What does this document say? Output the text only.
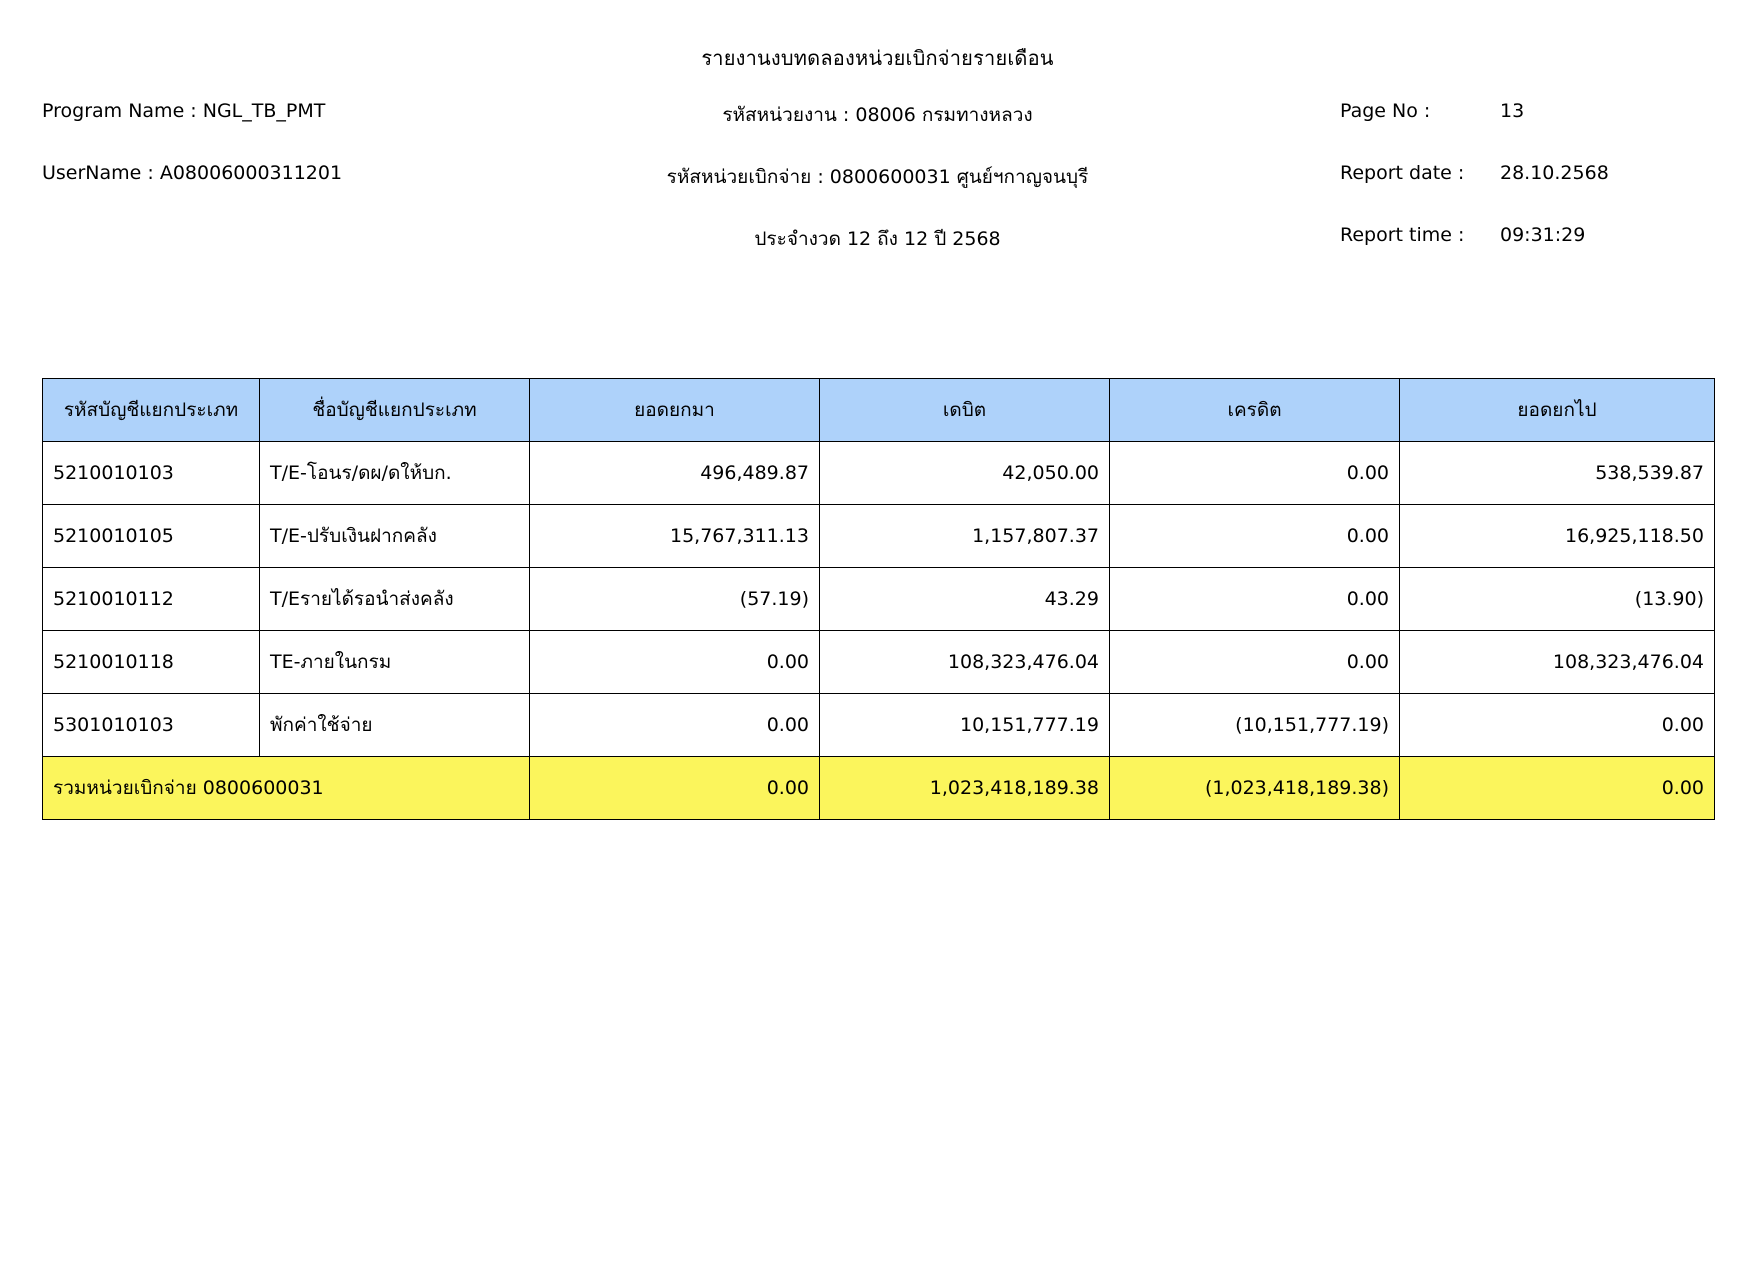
รายงานงบทดลองหน่วยเบิกจ่ายรายเดือน
Program Name : NGL_TB_PMT
UserName : A08006000311201
รหัสหน่วยงาน : 08006 กรมทางหลวง
รหัสหน่วยเบิกจ่าย : 0800600031 ศูนย์ฯกาญจนบุรี
ประจำงวด 12 ถึง 12 ปี 2568
Page No :	13
Report date : 28.10.2568
Report time : 09:31:29
รหัสบัญชีแยกประเภท	ชื่อบัญชีแยกประเภท	ยอดยกมา	เดบิต	เครดิต	ยอดยกไป
5210010103	T/E-โอนร/ดผ/ดให้บก.	496,489.87	42,050.00	0.00	538,539.87
5210010105	T/E-ปรับเงินฝากคลัง	15,767,311.13	1,157,807.37	0.00	16,925,118.50
5210010112	T/Eรายได้รอนำส่งคลัง	(57.19)	43.29	0.00	(13.90)
5210010118	TE-ภายในกรม	0.00	108,323,476.04	0.00	108,323,476.04
5301010103	พักค่าใช้จ่าย	0.00	10,151,777.19	(10,151,777.19)	0.00
รวมหน่วยเบิกจ่าย 0800600031		0.00	1,023,418,189.38	(1,023,418,189.38)	0.00
